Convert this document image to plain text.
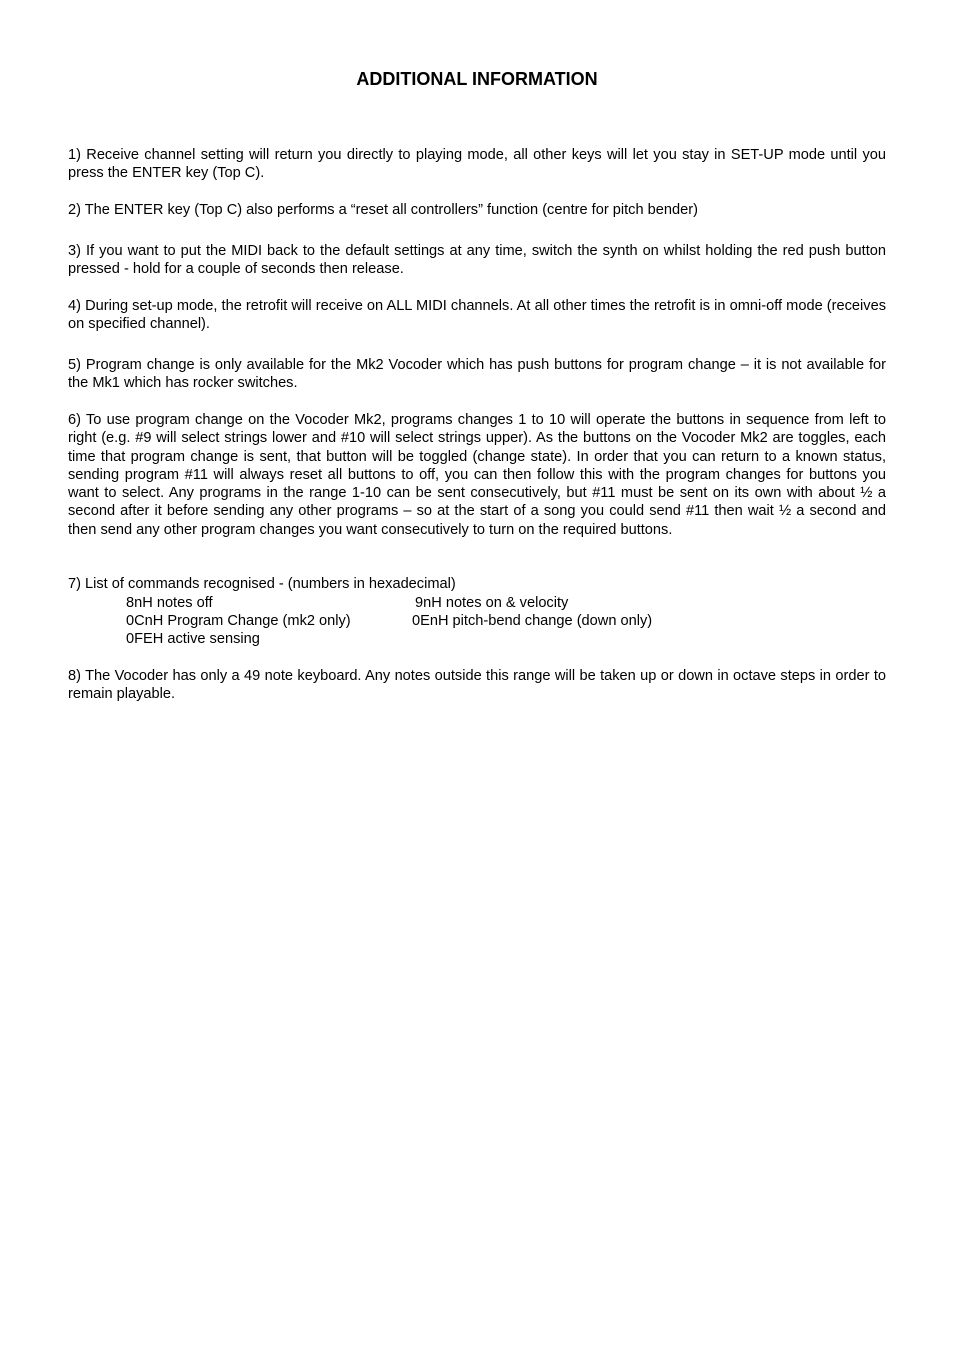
ADDITIONAL INFORMATION

1) Receive channel setting will return you directly to playing mode, all other keys will let you stay in SET-UP mode until you press the ENTER key (Top C).

2) The ENTER key (Top C) also performs a “reset all controllers” function (centre for pitch bender)

3) If you want to put the MIDI back to the default settings at any time, switch the synth on whilst holding the red push button pressed - hold for a couple of seconds then release.

4) During set-up mode, the retrofit will receive on ALL MIDI channels. At all other times the retrofit is in omni-off mode (receives on specified channel).

5) Program change is only available for the Mk2 Vocoder which has push buttons for program change – it is not available for the Mk1 which has rocker switches.

6) To use program change on the Vocoder Mk2, programs changes 1 to 10 will operate the buttons in sequence from left to right (e.g. #9 will select strings lower and #10 will select strings upper). As the buttons on the Vocoder Mk2 are toggles, each time that program change is sent, that button will be toggled (change state). In order that you can return to a known status, sending program #11 will always reset all buttons to off, you can then follow this with the program changes for buttons you want to select. Any programs in the range 1-10 can be sent consecutively, but #11 must be sent on its own with about ½ a second after it before sending any other programs – so at the start of a song you could send #11 then wait ½ a second and then send any other program changes you want consecutively to turn on the required buttons.

7) List of commands recognised - (numbers in hexadecimal)

8nH notes off	9nH notes on & velocity

0CnH Program Change (mk2 only)	0EnH pitch-bend change (down only)

0FEH active sensing

8) The Vocoder has only a 49 note keyboard. Any notes outside this range will be taken up or down in octave steps in order to remain playable.
